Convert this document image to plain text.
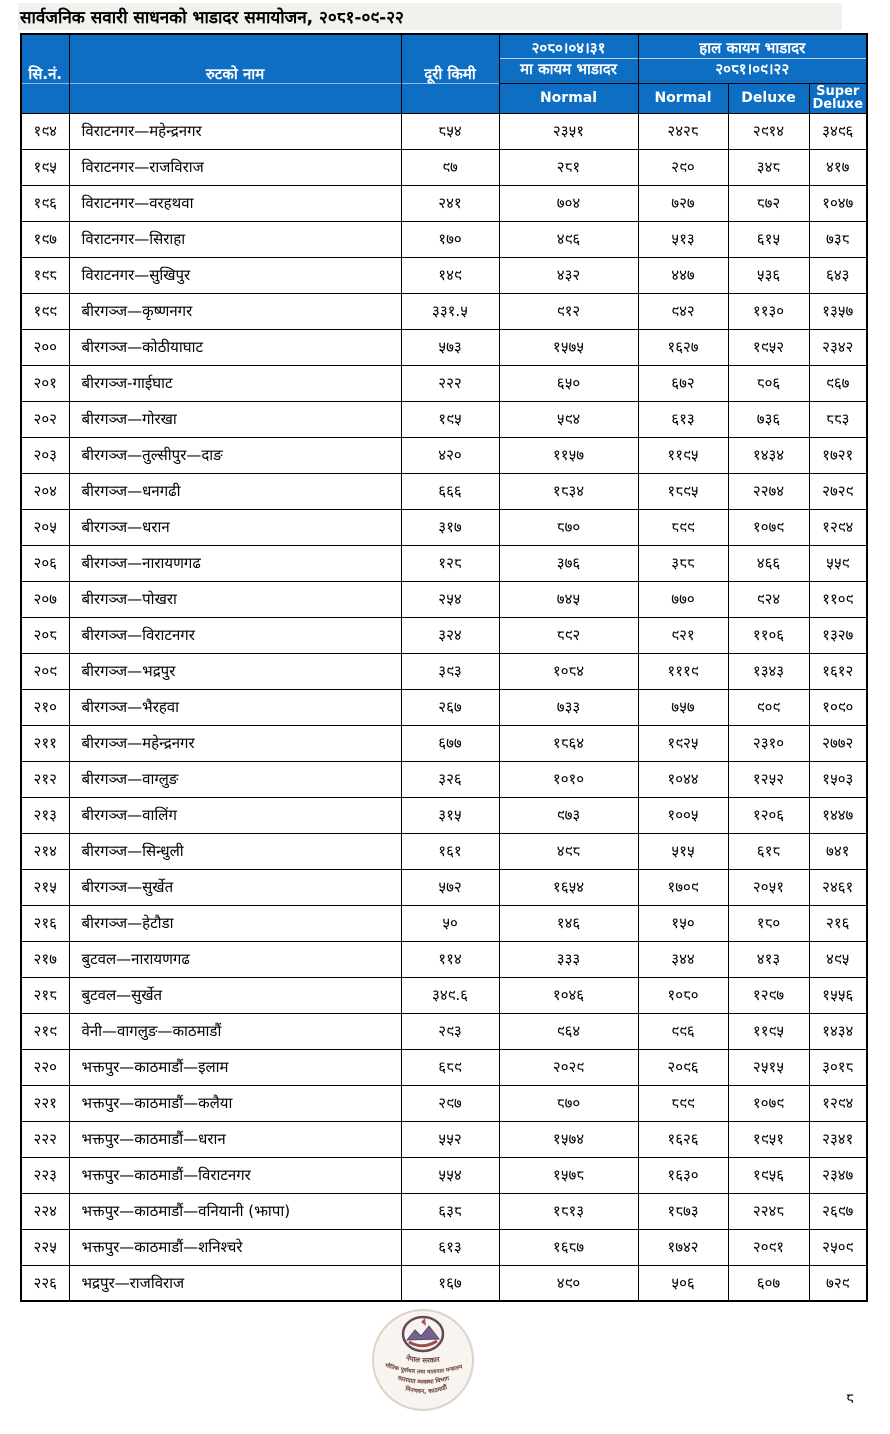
सार्वजनिक सवारी साधनको भाडादर समायोजन, २०८१-०९-२२
सि.नं.	रुटको नाम	दूरी किमी	
२०८०।०४।३१
मा कायम भाडादर

हाल कायम भाडादर
२०८१।०९।२२

			Normal	Normal	Deluxe	Super Deluxe
१९४	विराटनगर—महेन्द्रनगर	८५४	२३५१	२४२८	२९१४	३४९६
१९५	विराटनगर—राजविराज	९७	२८१	२९०	३४८	४१७
१९६	विराटनगर—वरहथवा	२४१	७०४	७२७	८७२	१०४७
१९७	विराटनगर—सिराहा	१७०	४९६	५१३	६१५	७३८
१९८	विराटनगर—सुखिपुर	१४९	४३२	४४७	५३६	६४३
१९९	बीरगञ्ज—कृष्णनगर	३३१.५	९१२	९४२	११३०	१३५७
२००	बीरगञ्ज—कोठीयाघाट	५७३	१५७५	१६२७	१९५२	२३४२
२०१	बीरगञ्ज-गाईघाट	२२२	६५०	६७२	८०६	९६७
२०२	बीरगञ्ज—गोरखा	१९५	५९४	६१३	७३६	८८३
२०३	बीरगञ्ज—तुल्सीपुर—दाङ	४२०	११५७	११९५	१४३४	१७२१
२०४	बीरगञ्ज—धनगढी	६६६	१८३४	१८९५	२२७४	२७२९
२०५	बीरगञ्ज—धरान	३१७	८७०	८९९	१०७९	१२९४
२०६	बीरगञ्ज—नारायणगढ	१२८	३७६	३८८	४६६	५५९
२०७	बीरगञ्ज—पोखरा	२५४	७४५	७७०	९२४	११०९
२०८	बीरगञ्ज—विराटनगर	३२४	८९२	९२१	११०६	१३२७
२०९	बीरगञ्ज—भद्रपुर	३९३	१०८४	१११९	१३४३	१६१२
२१०	बीरगञ्ज—भैरहवा	२६७	७३३	७५७	९०९	१०९०
२११	बीरगञ्ज—महेन्द्रनगर	६७७	१८६४	१९२५	२३१०	२७७२
२१२	बीरगञ्ज—वाग्लुङ	३२६	१०१०	१०४४	१२५२	१५०३
२१३	बीरगञ्ज—वालिंग	३१५	९७३	१००५	१२०६	१४४७
२१४	बीरगञ्ज—सिन्धुली	१६१	४९८	५१५	६१८	७४१
२१५	बीरगञ्ज—सुर्खेत	५७२	१६५४	१७०९	२०५१	२४६१
२१६	बीरगञ्ज—हेटौडा	५०	१४६	१५०	१८०	२१६
२१७	बुटवल—नारायणगढ	११४	३३३	३४४	४१३	४९५
२१८	बुटवल—सुर्खेत	३४९.६	१०४६	१०८०	१२९७	१५५६
२१९	वेनी—वागलुङ—काठमाडौं	२९३	९६४	९९६	११९५	१४३४
२२०	भक्तपुर—काठमाडौं—इलाम	६८९	२०२९	२०९६	२५१५	३०१८
२२१	भक्तपुर—काठमाडौं—कलैया	२९७	८७०	८९९	१०७९	१२९४
२२२	भक्तपुर—काठमाडौं—धरान	५५२	१५७४	१६२६	१९५१	२३४१
२२३	भक्तपुर—काठमाडौं—विराटनगर	५५४	१५७८	१६३०	१९५६	२३४७
२२४	भक्तपुर—काठमाडौं—वनियानी (झापा)	६३८	१८१३	१८७३	२२४८	२६९७
२२५	भक्तपुर—काठमाडौं—शनिश्चरे	६१३	१६८७	१७४२	२०९१	२५०९
२२६	भद्रपुर—राजविराज	१६७	४९०	५०६	६०७	७२९
नेपाल सरकार
भौतिक पूर्वाधार तथा यातायात मन्त्रालय
यातायात व्यवस्था विभाग
मिनभवन, काठमाडौं
८
